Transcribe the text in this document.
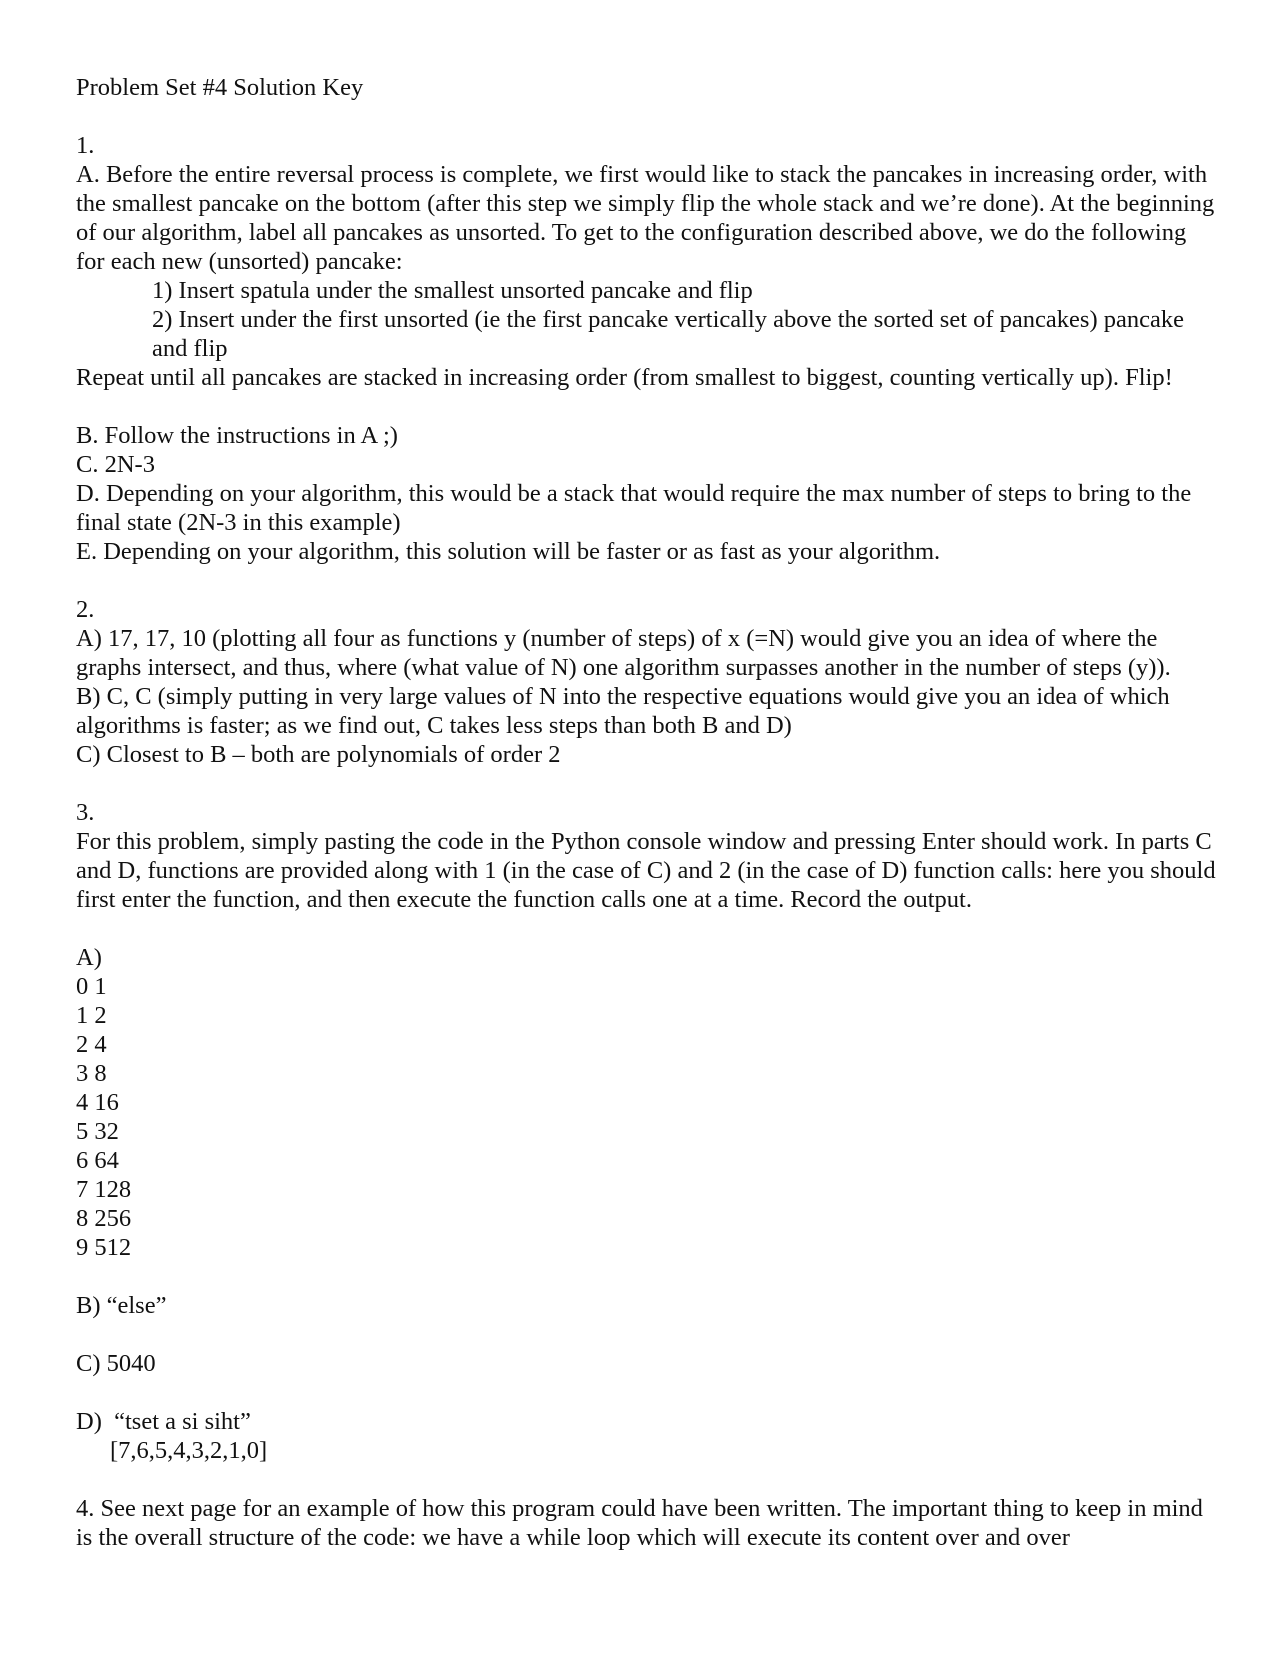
Problem Set #4 Solution Key

1.

A. Before the entire reversal process is complete, we first would like to stack the pancakes in increasing order, with the smallest pancake on the bottom (after this step we simply flip the whole stack and we’re done). At the beginning of our algorithm, label all pancakes as unsorted. To get to the configuration described above, we do the following for each new (unsorted) pancake:

1) Insert spatula under the smallest unsorted pancake and flip

2) Insert under the first unsorted (ie the first pancake vertically above the sorted set of pancakes) pancake and flip

Repeat until all pancakes are stacked in increasing order (from smallest to biggest, counting vertically up). Flip!

B. Follow the instructions in A ;)

C. 2N-3

D. Depending on your algorithm, this would be a stack that would require the max number of steps to bring to the final state (2N-3 in this example)

E. Depending on your algorithm, this solution will be faster or as fast as your algorithm.

2.

A) 17, 17, 10 (plotting all four as functions y (number of steps) of x (=N) would give you an idea of where the graphs intersect, and thus, where (what value of N) one algorithm surpasses another in the number of steps (y)).

B) C, C (simply putting in very large values of N into the respective equations would give you an idea of which algorithms is faster; as we find out, C takes less steps than both B and D)

C) Closest to B – both are polynomials of order 2

3.

For this problem, simply pasting the code in the Python console window and pressing Enter should work. In parts C and D, functions are provided along with 1 (in the case of C) and 2 (in the case of D) function calls: here you should first enter the function, and then execute the function calls one at a time. Record the output.

A)

0 1
1 2
2 4
3 8
4 16
5 32
6 64
7 128
8 256
9 512

B) “else”

C) 5040

D)  “tset a si siht”

[7,6,5,4,3,2,1,0]

4. See next page for an example of how this program could have been written. The important thing to keep in mind is the overall structure of the code: we have a while loop which will execute its content over and over
